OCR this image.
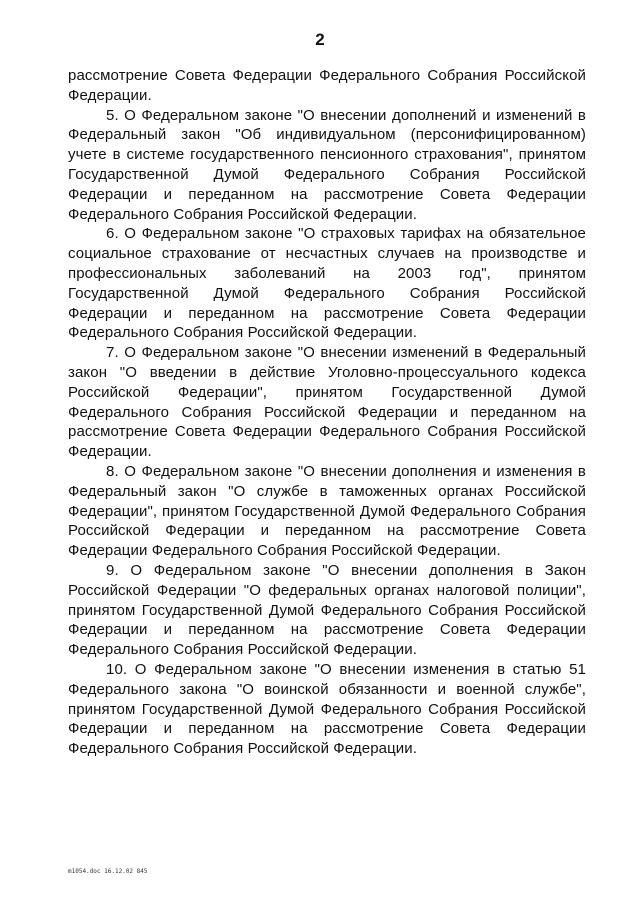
2

рассмотрение Совета Федерации Федерального Собрания Российской Федерации.

5. О Федеральном законе "О внесении дополнений и изменений в Федеральный закон "Об индивидуальном (персонифицированном) учете в системе государственного пенсионного страхования", принятом Государственной Думой Федерального Собрания Российской Федерации и переданном на рассмотрение Совета Федерации Федерального Собрания Российской Федерации.

6. О Федеральном законе "О страховых тарифах на обязательное социальное страхование от несчастных случаев на производстве и профессиональных заболеваний на 2003 год", принятом Государственной Думой Федерального Собрания Российской Федерации и переданном на рассмотрение Совета Федерации Федерального Собрания Российской Федерации.

7. О Федеральном законе "О внесении изменений в Федеральный закон "О введении в действие Уголовно-процессуального кодекса Российской Федерации", принятом Государственной Думой Федерального Собрания Российской Федерации и переданном на рассмотрение Совета Федерации Федерального Собрания Российской Федерации.

8. О Федеральном законе "О внесении дополнения и изменения в Федеральный закон "О службе в таможенных органах Российской Федерации", принятом Государственной Думой Федерального Собрания Российской Федерации и переданном на рассмотрение Совета Федерации Федерального Собрания Российской Федерации.

9. О Федеральном законе "О внесении дополнения в Закон Российской Федерации "О федеральных органах налоговой полиции", принятом Государственной Думой Федерального Собрания Российской Федерации и переданном на рассмотрение Совета Федерации Федерального Собрания Российской Федерации.

10. О Федеральном законе "О внесении изменения в статью 51 Федерального закона "О воинской обязанности и военной службе", принятом Государственной Думой Федерального Собрания Российской Федерации и переданном на рассмотрение Совета Федерации Федерального Собрания Российской Федерации.

m1054.doc 16.12.02 845
